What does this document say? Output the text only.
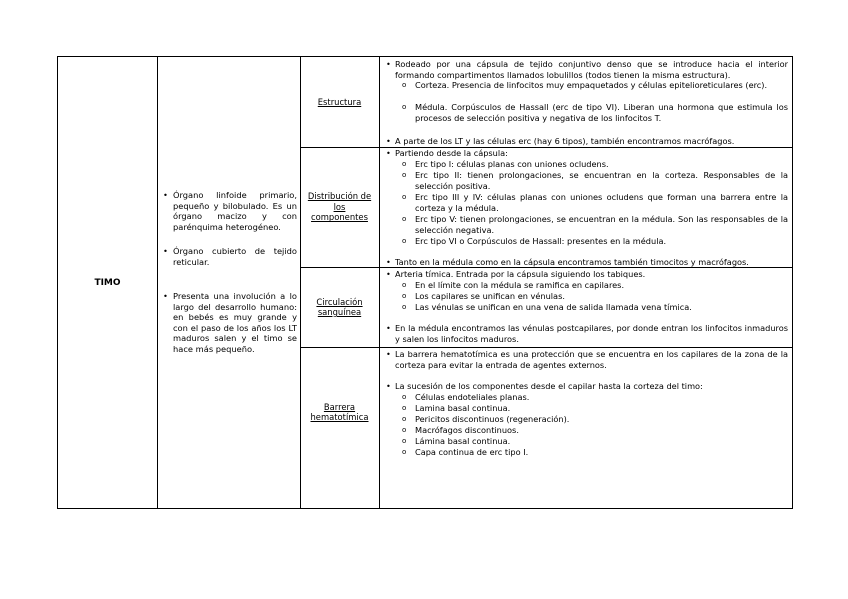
TIMO
• Órgano linfoide primario, pequeño y bilobulado. Es un órgano macizo y con parénquima heterogéneo.
• Órgano cubierto de tejido reticular.
• Presenta una involución a lo largo del desarrollo humano: en bebés es muy grande y con el paso de los años los LT maduros salen y el timo se hace más pequeño.
Estructura
Distribución de los componentes
Circulación sanguínea
Barrera hematotímica
• Rodeado por una cápsula de tejido conjuntivo denso que se introduce hacia el interior formando compartimentos llamados lobulillos (todos tienen la misma estructura).
o Corteza. Presencia de linfocitos muy empaquetados y células epitelioreticulares (erc).
o Médula. Corpúsculos de Hassall (erc de tipo VI). Liberan una hormona que estimula los procesos de selección positiva y negativa de los linfocitos T.
• A parte de los LT y las células erc (hay 6 tipos), también encontramos macrófagos.
• Partiendo desde la cápsula:
o Erc tipo I: células planas con uniones ocludens.
o Erc tipo II: tienen prolongaciones, se encuentran en la corteza. Responsables de la selección positiva.
o Erc tipo III y IV: células planas con uniones ocludens que forman una barrera entre la corteza y la médula.
o Erc tipo V: tienen prolongaciones, se encuentran en la médula. Son las responsables de la selección negativa.
o Erc tipo VI o Corpúsculos de Hassall: presentes en la médula.
• Tanto en la médula como en la cápsula encontramos también timocitos y macrófagos.
• Arteria tímica. Entrada por la cápsula siguiendo los tabiques.
o En el límite con la médula se ramifica en capilares.
o Los capilares se unifican en vénulas.
o Las vénulas se unifican en una vena de salida llamada vena tímica.
• En la médula encontramos las vénulas postcapilares, por donde entran los linfocitos inmaduros y salen los linfocitos maduros.
• La barrera hematotímica es una protección que se encuentra en los capilares de la zona de la corteza para evitar la entrada de agentes externos.
• La sucesión de los componentes desde el capilar hasta la corteza del timo:
o Células endoteliales planas.
o Lamina basal continua.
o Pericitos discontinuos (regeneración).
o Macrófagos discontinuos.
o Lámina basal continua.
o Capa continua de erc tipo I.
